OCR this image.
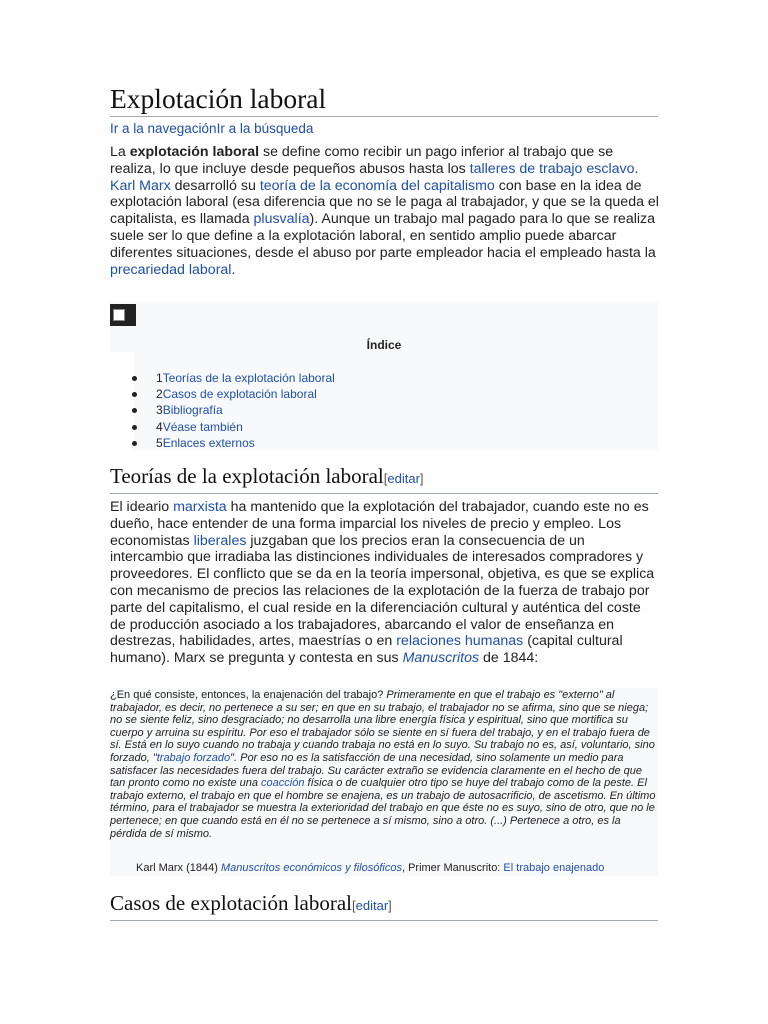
Explotación laboral
Ir a la navegaciónIr a la búsqueda

La explotación laboral se define como recibir un pago inferior al trabajo que se realiza, lo que incluye desde pequeños abusos hasta los talleres de trabajo esclavo. Karl Marx desarrolló su teoría de la economía del capitalismo con base en la idea de explotación laboral (esa diferencia que no se le paga al trabajador, y que se la queda el capitalista, es llamada plusvalía). Aunque un trabajo mal pagado para lo que se realiza suele ser lo que define a la explotación laboral, en sentido amplio puede abarcar diferentes situaciones, desde el abuso por parte empleador hacia el empleado hasta la precariedad laboral.

Índice
1Teorías de la explotación laboral
2Casos de explotación laboral
3Bibliografía
4Véase también
5Enlaces externos
Teorías de la explotación laboral[editar]

El ideario marxista ha mantenido que la explotación del trabajador, cuando este no es dueño, hace entender de una forma imparcial los niveles de precio y empleo. Los economistas liberales juzgaban que los precios eran la consecuencia de un intercambio que irradiaba las distinciones individuales de interesados compradores y proveedores. El conflicto que se da en la teoría impersonal, objetiva, es que se explica con mecanismo de precios las relaciones de la explotación de la fuerza de trabajo por parte del capitalismo, el cual reside en la diferenciación cultural y auténtica del coste de producción asociado a los trabajadores, abarcando el valor de enseñanza en destrezas, habilidades, artes, maestrías o en relaciones humanas (capital cultural humano). Marx se pregunta y contesta en sus Manuscritos de 1844:

¿En qué consiste, entonces, la enajenación del trabajo? Primeramente en que el trabajo es "externo" al trabajador, es decir, no pertenece a su ser; en que en su trabajo, el trabajador no se afirma, sino que se niega; no se siente feliz, sino desgraciado; no desarrolla una libre energía física y espiritual, sino que mortifica su cuerpo y arruina su espíritu. Por eso el trabajador sólo se siente en sí fuera del trabajo, y en el trabajo fuera de sí. Está en lo suyo cuando no trabaja y cuando trabaja no está en lo suyo. Su trabajo no es, así, voluntario, sino forzado, "trabajo forzado". Por eso no es la satisfacción de una necesidad, sino solamente un medio para satisfacer las necesidades fuera del trabajo. Su carácter extraño se evidencia claramente en el hecho de que tan pronto como no existe una coacción física o de cualquier otro tipo se huye del trabajo como de la peste. El trabajo externo, el trabajo en que el hombre se enajena, es un trabajo de autosacrificio, de ascetismo. En último término, para el trabajador se muestra la exterioridad del trabajo en que éste no es suyo, sino de otro, que no le pertenece; en que cuando está en él no se pertenece a sí mismo, sino a otro. (...) Pertenece a otro, es la pérdida de sí mismo.

Karl Marx (1844) Manuscritos económicos y filosóficos, Primer Manuscrito: El trabajo enajenado
Casos de explotación laboral[editar]
